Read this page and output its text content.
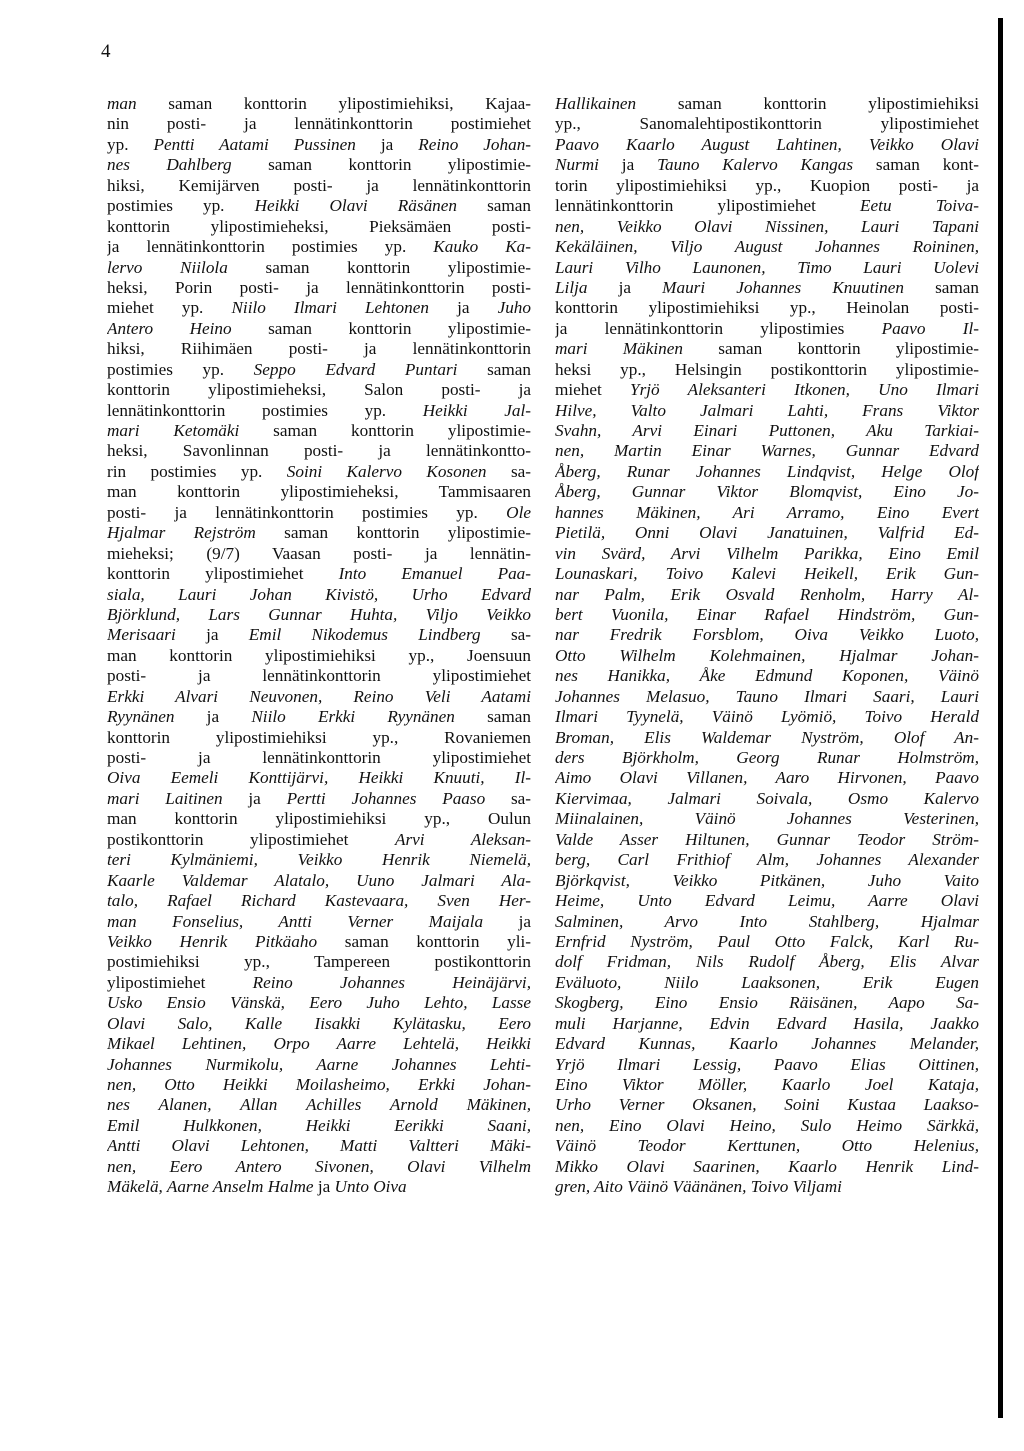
4
man saman konttorin ylipostimiehiksi, Kajaa-
nin posti- ja lennätinkonttorin postimiehet
yp. Pentti Aatami Pussinen ja Reino Johan-
nes Dahlberg saman konttorin ylipostimie-
hiksi, Kemijärven posti- ja lennätinkonttorin
postimies yp. Heikki Olavi Räsänen saman
konttorin ylipostimieheksi, Pieksämäen posti-
ja lennätinkonttorin postimies yp. Kauko Ka-
lervo Niilola saman konttorin ylipostimie-
heksi, Porin posti- ja lennätinkonttorin posti-
miehet yp. Niilo Ilmari Lehtonen ja Juho
Antero Heino saman konttorin ylipostimie-
hiksi, Riihimäen posti- ja lennätinkonttorin
postimies yp. Seppo Edvard Puntari saman
konttorin ylipostimieheksi, Salon posti- ja
lennätinkonttorin postimies yp. Heikki Jal-
mari Ketomäki saman konttorin ylipostimie-
heksi, Savonlinnan posti- ja lennätinkontto-
rin postimies yp. Soini Kalervo Kosonen sa-
man konttorin ylipostimieheksi, Tammisaaren
posti- ja lennätinkonttorin postimies yp. Ole
Hjalmar Rejström saman konttorin ylipostimie-
mieheksi; (9/7) Vaasan posti- ja lennätin-
konttorin ylipostimiehet Into Emanuel Paa-
siala, Lauri Johan Kivistö, Urho Edvard
Björklund, Lars Gunnar Huhta, Viljo Veikko
Merisaari ja Emil Nikodemus Lindberg sa-
man konttorin ylipostimiehiksi yp., Joensuun
posti- ja lennätinkonttorin ylipostimiehet
Erkki Alvari Neuvonen, Reino Veli Aatami
Ryynänen ja Niilo Erkki Ryynänen saman
konttorin ylipostimiehiksi yp., Rovaniemen
posti- ja lennätinkonttorin ylipostimiehet
Oiva Eemeli Konttijärvi, Heikki Knuuti, Il-
mari Laitinen ja Pertti Johannes Paaso sa-
man konttorin ylipostimiehiksi yp., Oulun
postikonttorin ylipostimiehet Arvi Aleksan-
teri Kylmäniemi, Veikko Henrik Niemelä,
Kaarle Valdemar Alatalo, Uuno Jalmari Ala-
talo, Rafael Richard Kastevaara, Sven Her-
man Fonselius, Antti Verner Maijala ja
Veikko Henrik Pitkäaho saman konttorin yli-
postimiehiksi yp., Tampereen postikonttorin
ylipostimiehet Reino Johannes Heinäjärvi,
Usko Ensio Vänskä, Eero Juho Lehto, Lasse
Olavi Salo, Kalle Iisakki Kylätasku, Eero
Mikael Lehtinen, Orpo Aarre Lehtelä, Heikki
Johannes Nurmikolu, Aarne Johannes Lehti-
nen, Otto Heikki Moilasheimo, Erkki Johan-
nes Alanen, Allan Achilles Arnold Mäkinen,
Emil Hulkkonen, Heikki Eerikki Saani,
Antti Olavi Lehtonen, Matti Valtteri Mäki-
nen, Eero Antero Sivonen, Olavi Vilhelm
Mäkelä, Aarne Anselm Halme ja Unto Oiva
Hallikainen saman konttorin ylipostimiehiksi
yp., Sanomalehtipostikonttorin ylipostimiehet
Paavo Kaarlo August Lahtinen, Veikko Olavi
Nurmi ja Tauno Kalervo Kangas saman kont-
torin ylipostimiehiksi yp., Kuopion posti- ja
lennätinkonttorin ylipostimiehet Eetu Toiva-
nen, Veikko Olavi Nissinen, Lauri Tapani
Kekäläinen, Viljo August Johannes Roininen,
Lauri Vilho Launonen, Timo Lauri Uolevi
Lilja ja Mauri Johannes Knuutinen saman
konttorin ylipostimiehiksi yp., Heinolan posti-
ja lennätinkonttorin ylipostimies Paavo Il-
mari Mäkinen saman konttorin ylipostimie-
heksi yp., Helsingin postikonttorin ylipostimie-
miehet Yrjö Aleksanteri Itkonen, Uno Ilmari
Hilve, Valto Jalmari Lahti, Frans Viktor
Svahn, Arvi Einari Puttonen, Aku Tarkiai-
nen, Martin Einar Warnes, Gunnar Edvard
Åberg, Runar Johannes Lindqvist, Helge Olof
Åberg, Gunnar Viktor Blomqvist, Eino Jo-
hannes Mäkinen, Ari Arramo, Eino Evert
Pietilä, Onni Olavi Janatuinen, Valfrid Ed-
vin Svärd, Arvi Vilhelm Parikka, Eino Emil
Lounaskari, Toivo Kalevi Heikell, Erik Gun-
nar Palm, Erik Osvald Renholm, Harry Al-
bert Vuonila, Einar Rafael Hindström, Gun-
nar Fredrik Forsblom, Oiva Veikko Luoto,
Otto Wilhelm Kolehmainen, Hjalmar Johan-
nes Hanikka, Åke Edmund Koponen, Väinö
Johannes Melasuo, Tauno Ilmari Saari, Lauri
Ilmari Tyynelä, Väinö Lyömiö, Toivo Herald
Broman, Elis Waldemar Nyström, Olof An-
ders Björkholm, Georg Runar Holmström,
Aimo Olavi Villanen, Aaro Hirvonen, Paavo
Kiervimaa, Jalmari Soivala, Osmo Kalervo
Miinalainen, Väinö Johannes Vesterinen,
Valde Asser Hiltunen, Gunnar Teodor Ström-
berg, Carl Frithiof Alm, Johannes Alexander
Björkqvist, Veikko Pitkänen, Juho Vaito
Heime, Unto Edvard Leimu, Aarre Olavi
Salminen, Arvo Into Stahlberg, Hjalmar
Ernfrid Nyström, Paul Otto Falck, Karl Ru-
dolf Fridman, Nils Rudolf Åberg, Elis Alvar
Eväluoto, Niilo Laaksonen, Erik Eugen
Skogberg, Eino Ensio Räisänen, Aapo Sa-
muli Harjanne, Edvin Edvard Hasila, Jaakko
Edvard Kunnas, Kaarlo Johannes Melander,
Yrjö Ilmari Lessig, Paavo Elias Oittinen,
Eino Viktor Möller, Kaarlo Joel Kataja,
Urho Verner Oksanen, Soini Kustaa Laakso-
nen, Eino Olavi Heino, Sulo Heimo Särkkä,
Väinö Teodor Kerttunen, Otto Helenius,
Mikko Olavi Saarinen, Kaarlo Henrik Lind-
gren, Aito Väinö Väänänen, Toivo Viljami
